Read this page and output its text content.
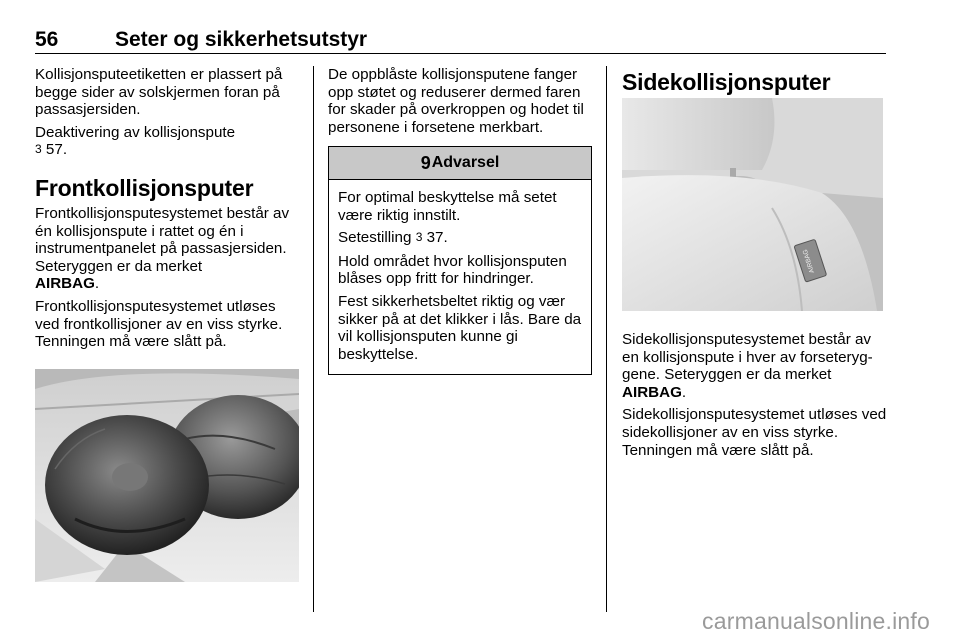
56	Seter og sikkerhetsutstyr

Kollisjonsputeetiketten er plassert på begge sider av solskjermen foran på passasjersiden.

Deaktivering av kollisjonspute
3 57.

Frontkollisjonsputer

Frontkollisjonsputesystemet består av én kollisjonspute i rattet og én i instrumentpanelet på passasjersiden. Seteryggen er da merket
AIRBAG.

Frontkollisjonsputesystemet utløses ved frontkollisjoner av en viss styrke. Tenningen må være slått på.

De oppblåste kollisjonsputene fanger opp støtet og reduserer dermed faren for skader på overkroppen og hodet til personene i forsetene merkbart.

9 Advarsel

For optimal beskyttelse må setet være riktig innstilt.

Setestilling 3 37.

Hold området hvor kollisjonsputen blåses opp fritt for hindringer.

Fest sikkerhetsbeltet riktig og vær sikker på at det klikker i lås. Bare da vil kollisjonsputen kunne gi beskyttelse.

Sidekollisjonsputer
AIRBAG

Sidekollisjonsputesystemet består av en kollisjonspute i hver av forseteryggene. Seteryggen er da merket
AIRBAG.

Sidekollisjonsputesystemet utløses ved sidekollisjoner av en viss styrke. Tenningen må være slått på.

carmanualsonline.info
